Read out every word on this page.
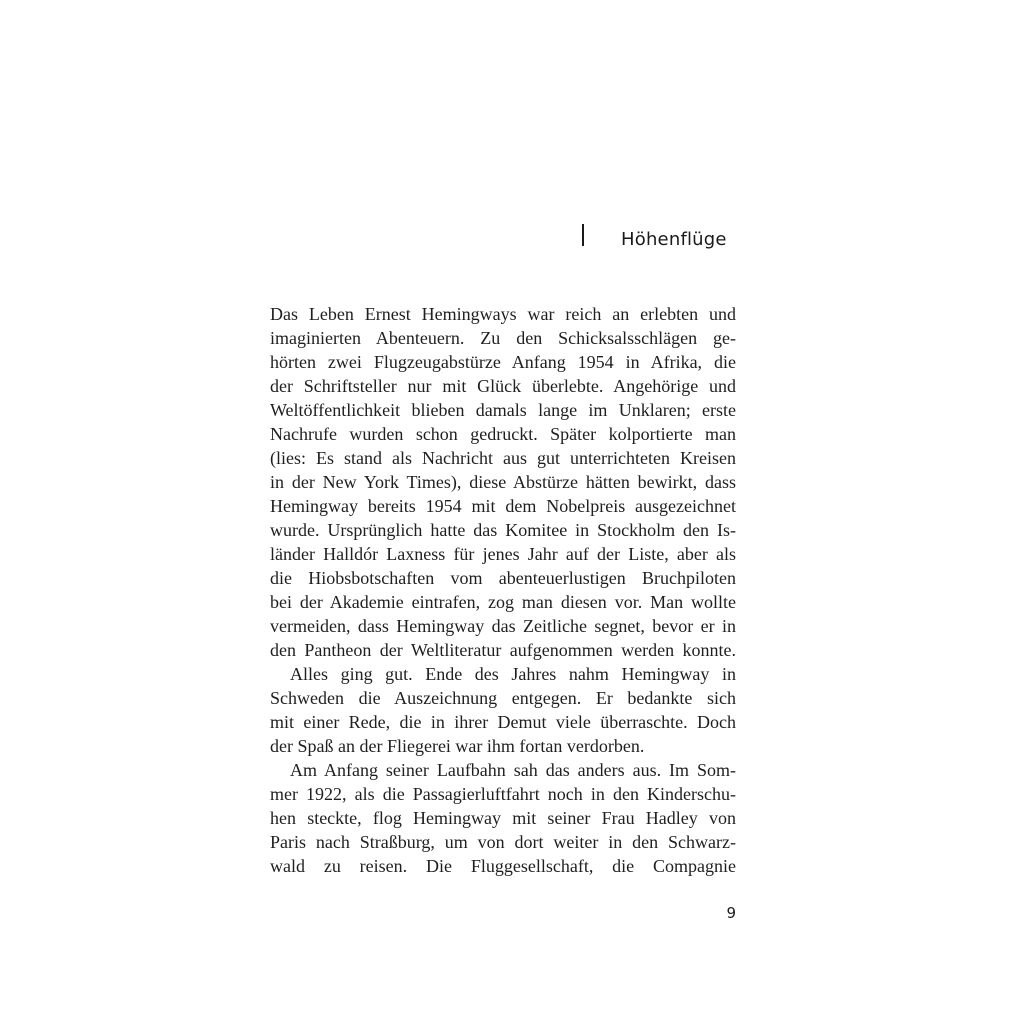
Höhenflüge
Das Leben Ernest Hemingways war reich an erlebten und
imaginierten Abenteuern. Zu den Schicksalsschlägen ge-
hörten zwei Flugzeugabstürze Anfang 1954 in Afrika, die
der Schriftsteller nur mit Glück überlebte. Angehörige und
Weltöffentlichkeit blieben damals lange im Unklaren; erste
Nachrufe wurden schon gedruckt. Später kolportierte man
(lies: Es stand als Nachricht aus gut unterrichteten Kreisen
in der New York Times), diese Abstürze hätten bewirkt, dass
Hemingway bereits 1954 mit dem Nobelpreis ausgezeichnet
wurde. Ursprünglich hatte das Komitee in Stockholm den Is-
länder Halldór Laxness für jenes Jahr auf der Liste, aber als
die Hiobsbotschaften vom abenteuerlustigen Bruchpiloten
bei der Akademie eintrafen, zog man diesen vor. Man wollte
vermeiden, dass Hemingway das Zeitliche segnet, bevor er in
den Pantheon der Weltliteratur aufgenommen werden konnte.
Alles ging gut. Ende des Jahres nahm Hemingway in
Schweden die Auszeichnung entgegen. Er bedankte sich
mit einer Rede, die in ihrer Demut viele überraschte. Doch
der Spaß an der Fliegerei war ihm fortan verdorben.
Am Anfang seiner Laufbahn sah das anders aus. Im Som-
mer 1922, als die Passagierluftfahrt noch in den Kinderschu-
hen steckte, flog Hemingway mit seiner Frau Hadley von
Paris nach Straßburg, um von dort weiter in den Schwarz-
wald zu reisen. Die Fluggesellschaft, die Compagnie
9
